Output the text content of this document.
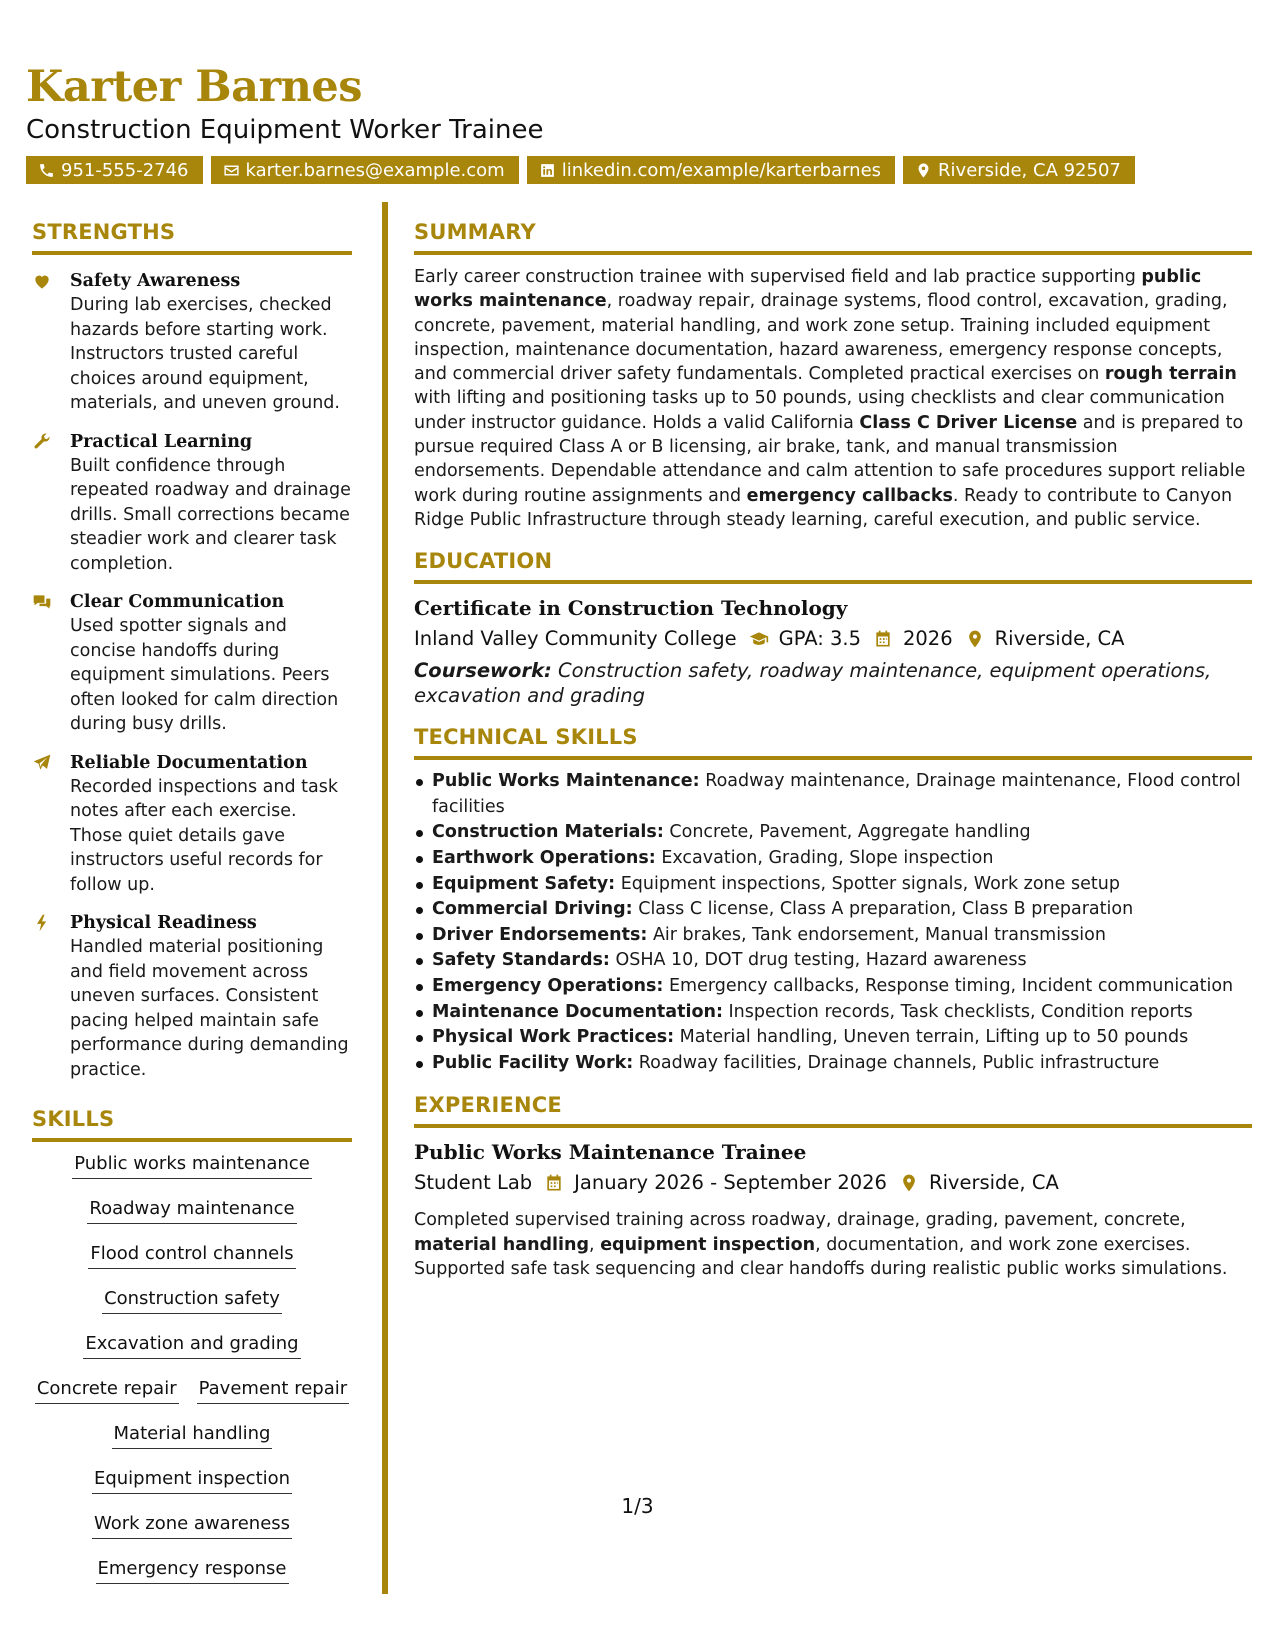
Karter Barnes
Construction Equipment Worker Trainee
951-555-2746	karter.barnes@example.com	linkedin.com/example/karterbarnes	Riverside, CA 92507
STRENGTHS
Safety Awareness
During lab exercises, checked hazards before starting work. Instructors trusted careful choices around equipment, materials, and uneven ground.
Practical Learning
Built confidence through repeated roadway and drainage drills. Small corrections became steadier work and clearer task completion.
Clear Communication
Used spotter signals and concise handoffs during equipment simulations. Peers often looked for calm direction during busy drills.
Reliable Documentation
Recorded inspections and task notes after each exercise. Those quiet details gave instructors useful records for follow up.
Physical Readiness
Handled material positioning and field movement across uneven surfaces. Consistent pacing helped maintain safe performance during demanding practice.
SKILLS
Public works maintenance
Roadway maintenance
Flood control channels
Construction safety
Excavation and grading
Concrete repair Pavement repair
Material handling
Equipment inspection
Work zone awareness
Emergency response
SUMMARY
Early career construction trainee with supervised field and lab practice supporting public works maintenance, roadway repair, drainage systems, flood control, excavation, grading, concrete, pavement, material handling, and work zone setup. Training included equipment inspection, maintenance documentation, hazard awareness, emergency response concepts, and commercial driver safety fundamentals. Completed practical exercises on rough terrain with lifting and positioning tasks up to 50 pounds, using checklists and clear communication under instructor guidance. Holds a valid California Class C Driver License and is prepared to pursue required Class A or B licensing, air brake, tank, and manual transmission endorsements. Dependable attendance and calm attention to safe procedures support reliable work during routine assignments and emergency callbacks. Ready to contribute to Canyon Ridge Public Infrastructure through steady learning, careful execution, and public service.
EDUCATION
Certificate in Construction Technology
Inland Valley Community College GPA: 3.5 2026 Riverside, CA
Coursework: Construction safety, roadway maintenance, equipment operations, excavation and grading
TECHNICAL SKILLS
Public Works Maintenance: Roadway maintenance, Drainage maintenance, Flood control facilities
Construction Materials: Concrete, Pavement, Aggregate handling
Earthwork Operations: Excavation, Grading, Slope inspection
Equipment Safety: Equipment inspections, Spotter signals, Work zone setup
Commercial Driving: Class C license, Class A preparation, Class B preparation
Driver Endorsements: Air brakes, Tank endorsement, Manual transmission
Safety Standards: OSHA 10, DOT drug testing, Hazard awareness
Emergency Operations: Emergency callbacks, Response timing, Incident communication
Maintenance Documentation: Inspection records, Task checklists, Condition reports
Physical Work Practices: Material handling, Uneven terrain, Lifting up to 50 pounds
Public Facility Work: Roadway facilities, Drainage channels, Public infrastructure
EXPERIENCE
Public Works Maintenance Trainee
Student Lab January 2026 - September 2026 Riverside, CA
Completed supervised training across roadway, drainage, grading, pavement, concrete, material handling, equipment inspection, documentation, and work zone exercises. Supported safe task sequencing and clear handoffs during realistic public works simulations.
1/3
